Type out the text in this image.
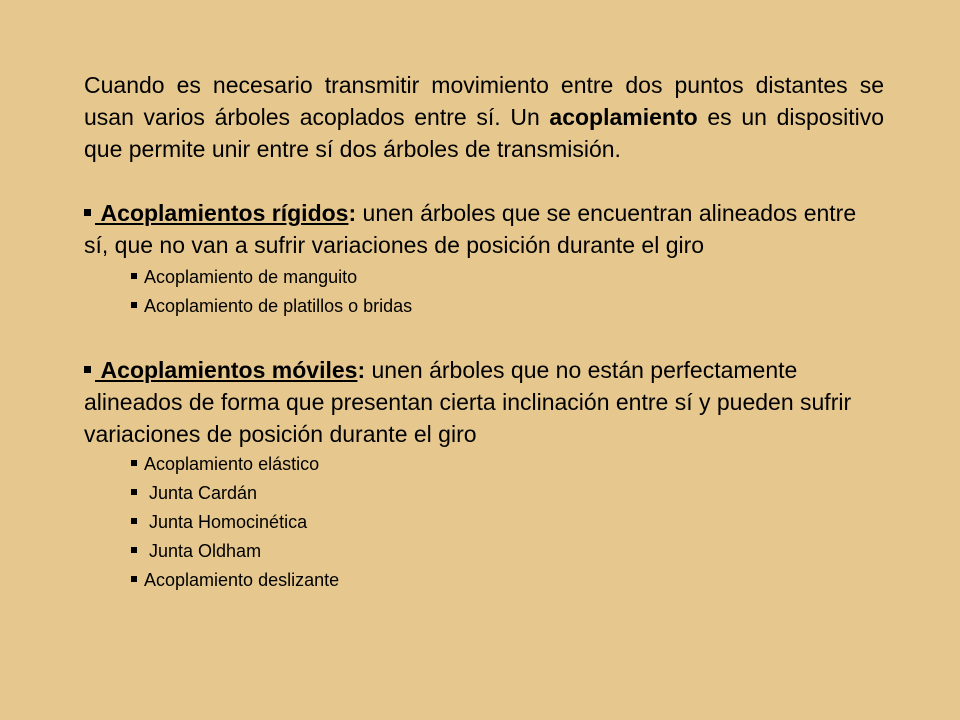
Cuando es necesario transmitir movimiento entre dos puntos distantes se usan varios árboles acoplados entre sí. Un acoplamiento es un dispositivo que permite unir entre sí dos árboles de transmisión.

Acoplamientos rígidos: unen árboles que se encuentran alineados entre sí, que no van a sufrir variaciones de posición durante el giro

Acoplamiento de manguito
Acoplamiento de platillos o bridas

Acoplamientos móviles: unen árboles que no están perfectamente alineados de forma que presentan cierta inclinación entre sí y pueden sufrir variaciones de posición durante el giro

Acoplamiento elástico
Junta Cardán
Junta Homocinética
Junta Oldham
Acoplamiento deslizante
